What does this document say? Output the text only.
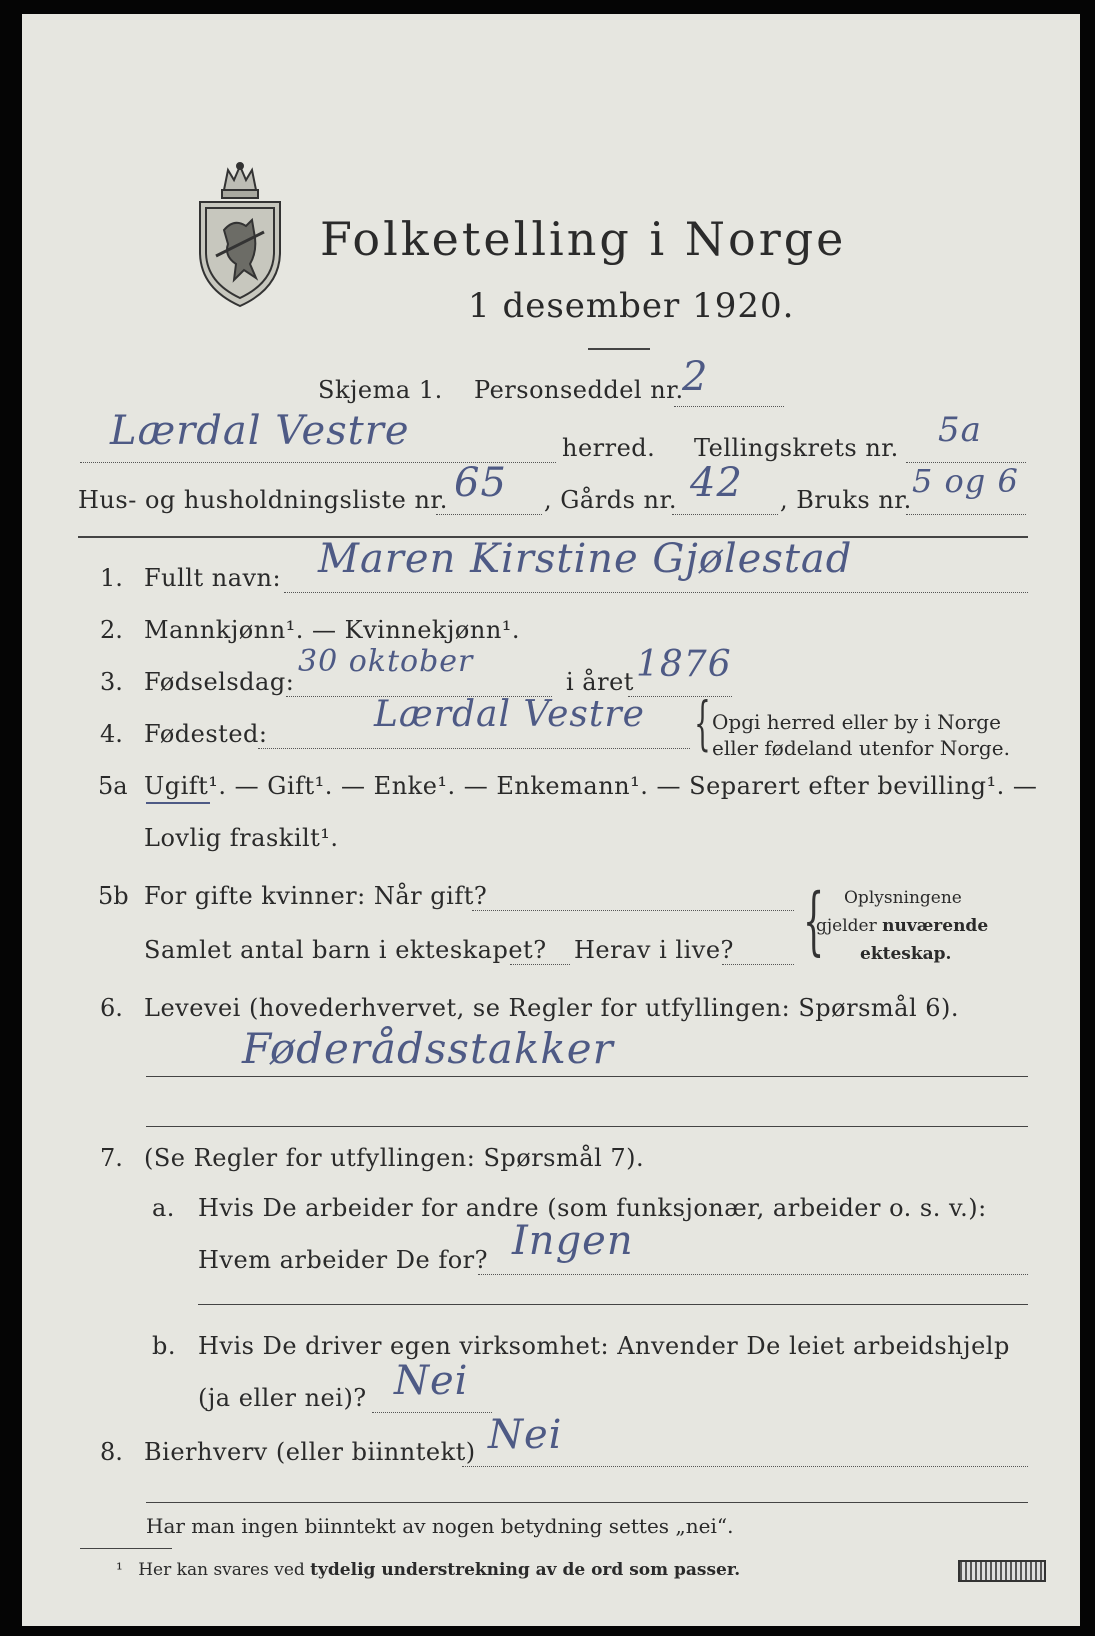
Folketelling i Norge
1 desember 1920.
Skjema 1. Personseddel nr.
2
Lærdal Vestre	herred. Tellingskrets nr. 5a
Hus- og husholdningsliste nr. 65 , Gårds nr. 42 , Bruks nr. 5 og 6
1. Fullt navn: Maren Kirstine Gjølestad
2. Mannkjønn¹. — Kvinnekjønn¹.
3. Fødselsdag:
30 oktober
i året 1876
4. Fødested:	Lærdal Vestre { Opgi herred eller by i Norge
eller fødeland utenfor Norge.
5a Ugift¹. — Gift¹. — Enke¹. — Enkemann¹. — Separert efter bevilling¹. —
Lovlig fraskilt¹.
5b For gifte kvinner: Når gift?
Samlet antal barn i ekteskapet? Herav i live? { Oplysningene
gjelder nuværende
ekteskap.
6. Levevei (hovederhvervet, se Regler for utfyllingen: Spørsmål 6).
Føderådsstakker
7. (Se Regler for utfyllingen: Spørsmål 7).
a. Hvis De arbeider for andre (som funksjonær, arbeider o. s. v.):
Hvem arbeider De for? Ingen
b. Hvis De driver egen virksomhet: Anvender De leiet arbeidshjelp
(ja eller nei)? Nei
8. Bierhverv (eller biinntekt) Nei
Har man ingen biinntekt av nogen betydning settes „nei“.
¹ Her kan svares ved tydelig understrekning av de ord som passer.
